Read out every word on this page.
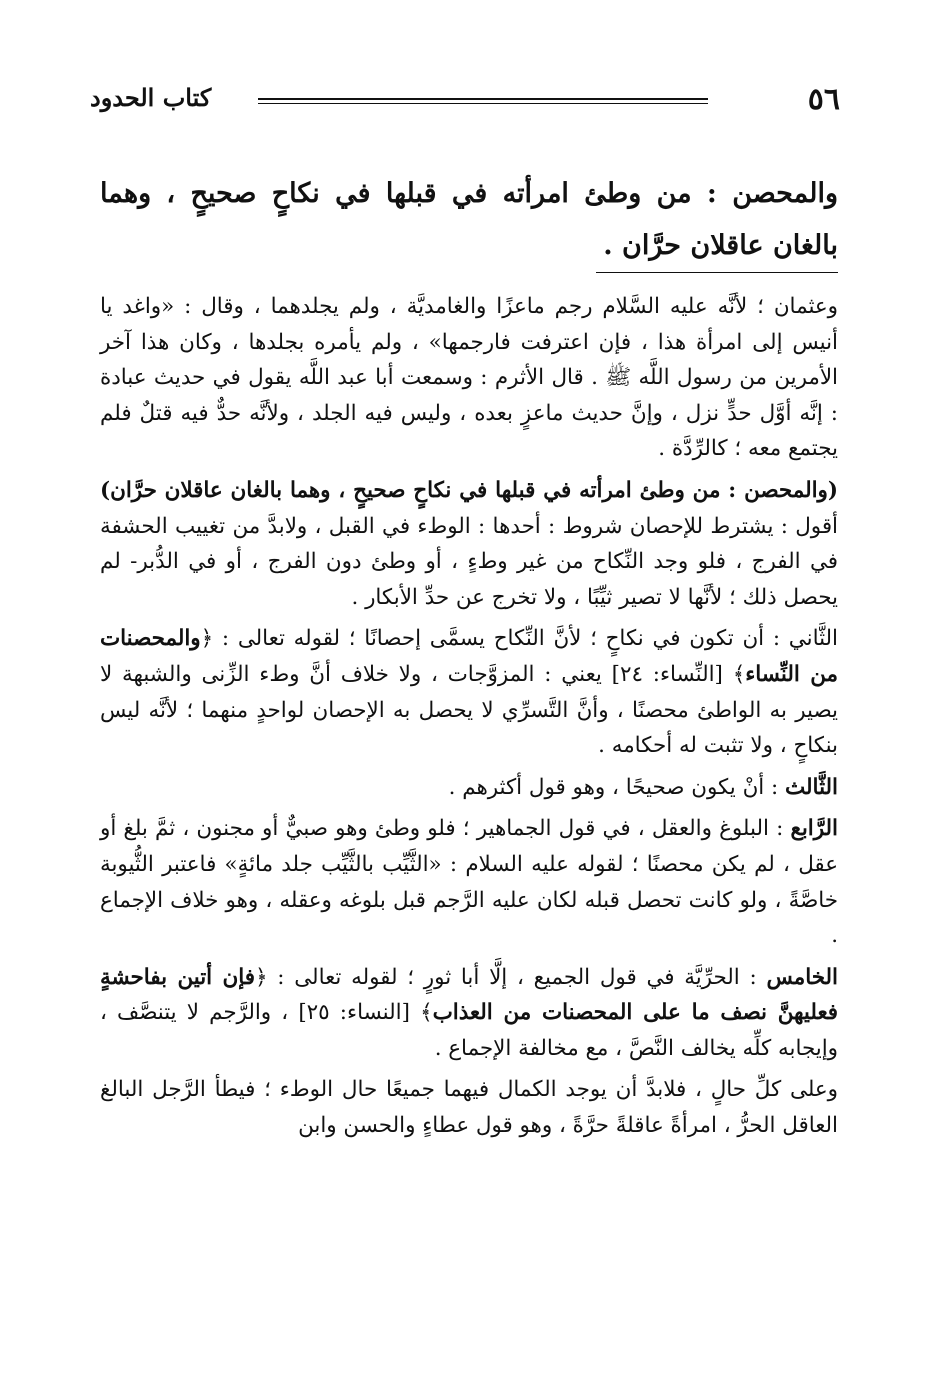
٥٦
كتاب الحدود
والمحصن : من وطئ امرأته في قبلها في نكاحٍ صحيحٍ ، وهما بالغان عاقلان حرَّان .

وعثمان ؛ لأنَّه عليه السَّلام رجم ماعزًا والغامديَّة ، ولم يجلدهما ، وقال : «واغد يا أنيس إلى امرأة هذا ، فإن اعترفت فارجمها» ، ولم يأمره بجلدها ، وكان هذا آخر الأمرين من رسول اللَّه ﷺ . قال الأثرم : وسمعت أبا عبد اللَّه يقول في حديث عبادة : إنَّه أوَّل حدٍّ نزل ، وإنَّ حديث ماعزٍ بعده ، وليس فيه الجلد ، ولأنَّه حدٌّ فيه قتلٌ فلم يجتمع معه ؛ كالرِّدَّة .

(والمحصن : من وطئ امرأته في قبلها في نكاحٍ صحيحٍ ، وهما بالغان عاقلان حرَّان) أقول : يشترط للإحصان شروط : أحدها : الوطء في القبل ، ولابدَّ من تغييب الحشفة في الفرج ، فلو وجد النِّكاح من غير وطءٍ ، أو وطئ دون الفرج ، أو في الدُّبر- لم يحصل ذلك ؛ لأنَّها لا تصير ثيِّبًا ، ولا تخرج عن حدِّ الأبكار .

الثَّاني : أن تكون في نكاحٍ ؛ لأنَّ النِّكاح يسمَّى إحصانًا ؛ لقوله تعالى : ﴿والمحصنات من النِّساء﴾ [النِّساء: ٢٤] يعني : المزوَّجات ، ولا خلاف أنَّ وطء الزِّنى والشبهة لا يصير به الواطئ محصنًا ، وأنَّ التَّسرِّي لا يحصل به الإحصان لواحدٍ منهما ؛ لأنَّه ليس بنكاحٍ ، ولا تثبت له أحكامه .

الثَّالث : أنْ يكون صحيحًا ، وهو قول أكثرهم .

الرَّابع : البلوغ والعقل ، في قول الجماهير ؛ فلو وطئ وهو صبيٌّ أو مجنون ، ثمَّ بلغ أو عقل ، لم يكن محصنًا ؛ لقوله عليه السلام : «الثَّيِّب بالثَّيِّب جلد مائةٍ» فاعتبر الثُّيوبة خاصَّةً ، ولو كانت تحصل قبله لكان عليه الرَّجم قبل بلوغه وعقله ، وهو خلاف الإجماع .

الخامس : الحرِّيَّة في قول الجميع ، إلَّا أبا ثورٍ ؛ لقوله تعالى : ﴿فإن أتين بفاحشةٍ فعليهنَّ نصف ما على المحصنات من العذاب﴾ [النساء: ٢٥] ، والرَّجم لا يتنصَّف ، وإيجابه كلِّه يخالف النَّصَّ ، مع مخالفة الإجماع .

وعلى كلِّ حالٍ ، فلابدَّ أن يوجد الكمال فيهما جميعًا حال الوطء ؛ فيطأ الرَّجل البالغ العاقل الحرُّ ، امرأةً عاقلةً حرَّةً ، وهو قول عطاءٍ والحسن وابن
